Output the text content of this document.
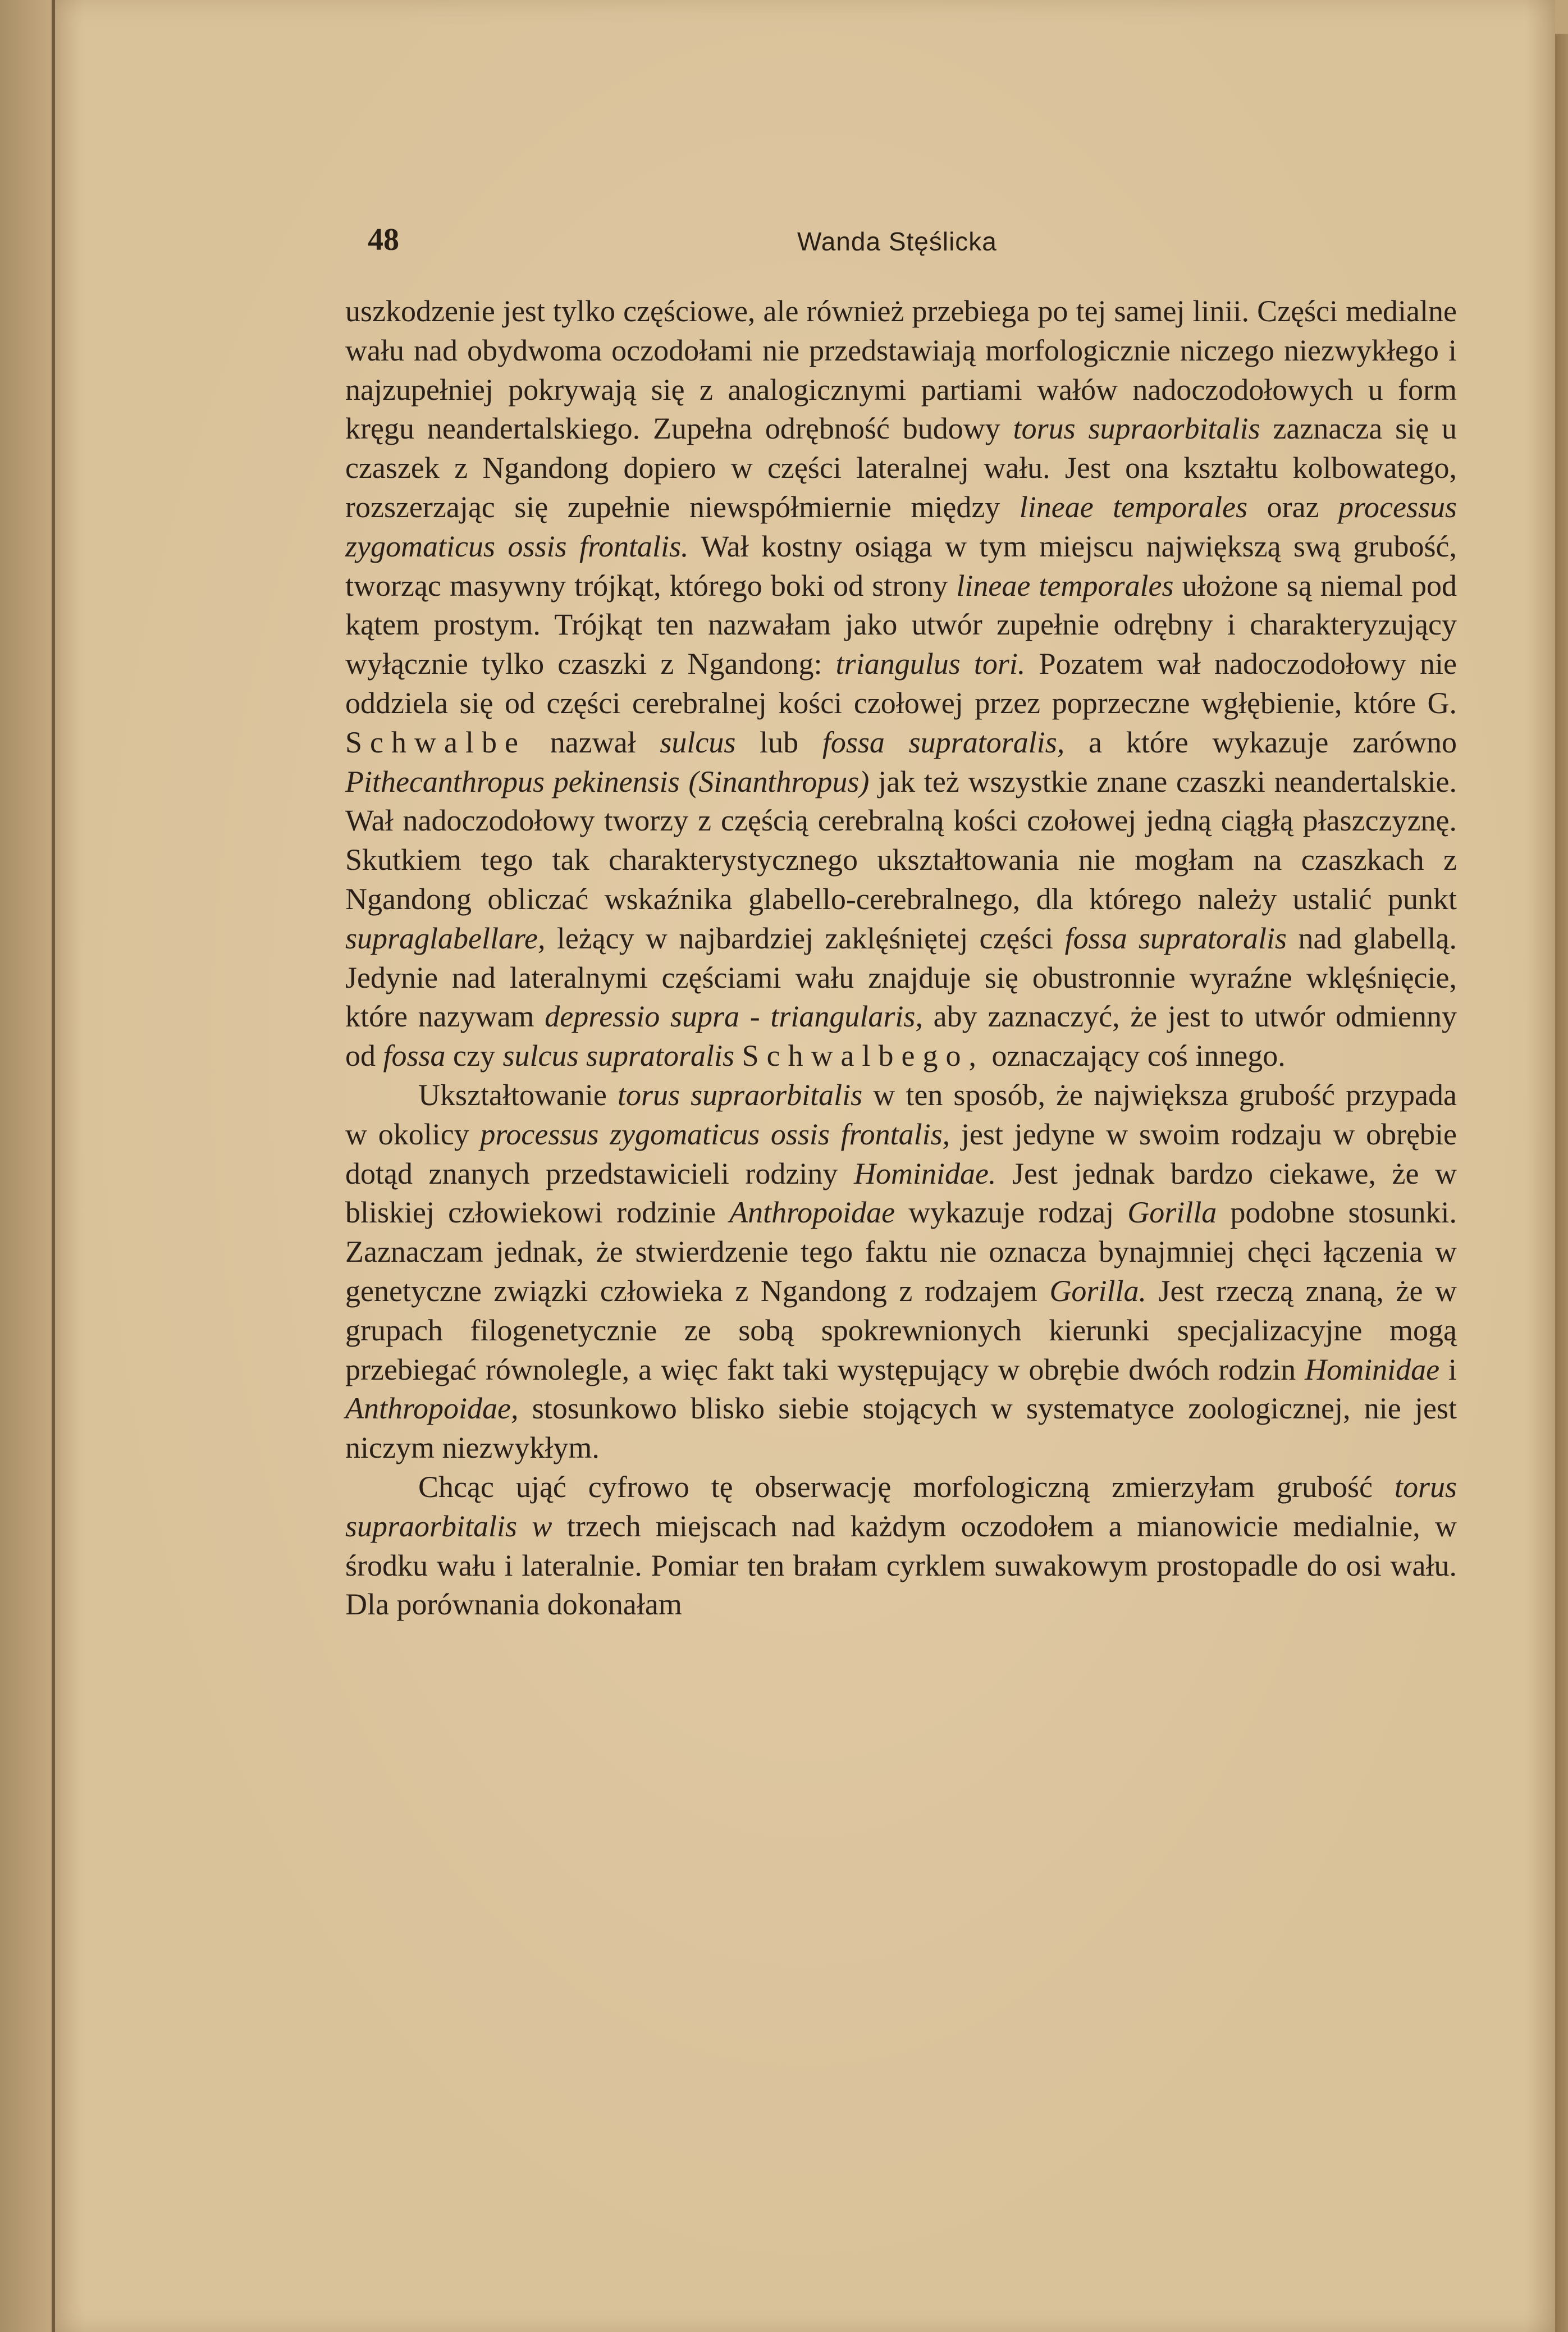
48	Wanda Stęślicka

uszkodzenie jest tylko częściowe, ale również przebiega po tej samej linii. Części medialne wału nad obydwoma oczodołami nie przedstawiają morfologicznie niczego niezwykłego i najzupełniej pokrywają się z analogicznymi partiami wałów nadoczodołowych u form kręgu neandertalskiego. Zupełna odrębność budowy torus supraorbitalis zaznacza się u czaszek z Ngandong dopiero w części lateralnej wału. Jest ona kształtu kolbowatego, rozszerzając się zupełnie niewspółmiernie między lineae temporales oraz processus zygomaticus ossis frontalis. Wał kostny osiąga w tym miejscu największą swą grubość, tworząc masywny trójkąt, którego boki od strony lineae temporales ułożone są niemal pod kątem prostym. Trójkąt ten nazwałam jako utwór zupełnie odrębny i charakteryzujący wyłącznie tylko czaszki z Ngandong: triangulus tori. Pozatem wał nadoczodołowy nie oddziela się od części cerebralnej kości czołowej przez poprzeczne wgłębienie, które G. Schwalbe nazwał sulcus lub fossa supratoralis, a które wykazuje zarówno Pithecanthropus pekinensis (Sinanthropus) jak też wszystkie znane czaszki neandertalskie. Wał nadoczodołowy tworzy z częścią cerebralną kości czołowej jedną ciągłą płaszczyznę. Skutkiem tego tak charakterystycznego ukształtowania nie mogłam na czaszkach z Ngandong obliczać wskaźnika glabello-cerebralnego, dla którego należy ustalić punkt supraglabellare, leżący w najbardziej zaklęśniętej części fossa supratoralis nad glabellą. Jedynie nad lateralnymi częściami wału znajduje się obustronnie wyraźne wklęśnięcie, które nazywam depressio supra - triangularis, aby zaznaczyć, że jest to utwór odmienny od fossa czy sulcus supratoralis Schwalbego, oznaczający coś innego.

Ukształtowanie torus supraorbitalis w ten sposób, że największa grubość przypada w okolicy processus zygomaticus ossis frontalis, jest jedyne w swoim rodzaju w obrębie dotąd znanych przedstawicieli rodziny Hominidae. Jest jednak bardzo ciekawe, że w bliskiej człowiekowi rodzinie Anthropoidae wykazuje rodzaj Gorilla podobne stosunki. Zaznaczam jednak, że stwierdzenie tego faktu nie oznacza bynajmniej chęci łączenia w genetyczne związki człowieka z Ngandong z rodzajem Gorilla. Jest rzeczą znaną, że w grupach filogenetycznie ze sobą spokrewnionych kierunki specjalizacyjne mogą przebiegać równolegle, a więc fakt taki występujący w obrębie dwóch rodzin Hominidae i Anthropoidae, stosunkowo blisko siebie stojących w systematyce zoologicznej, nie jest niczym niezwykłym.

Chcąc ująć cyfrowo tę obserwację morfologiczną zmierzyłam grubość torus supraorbitalis w trzech miejscach nad każdym oczodołem a mianowicie medialnie, w środku wału i lateralnie. Pomiar ten brałam cyrklem suwakowym prostopadle do osi wału. Dla porównania dokonałam
